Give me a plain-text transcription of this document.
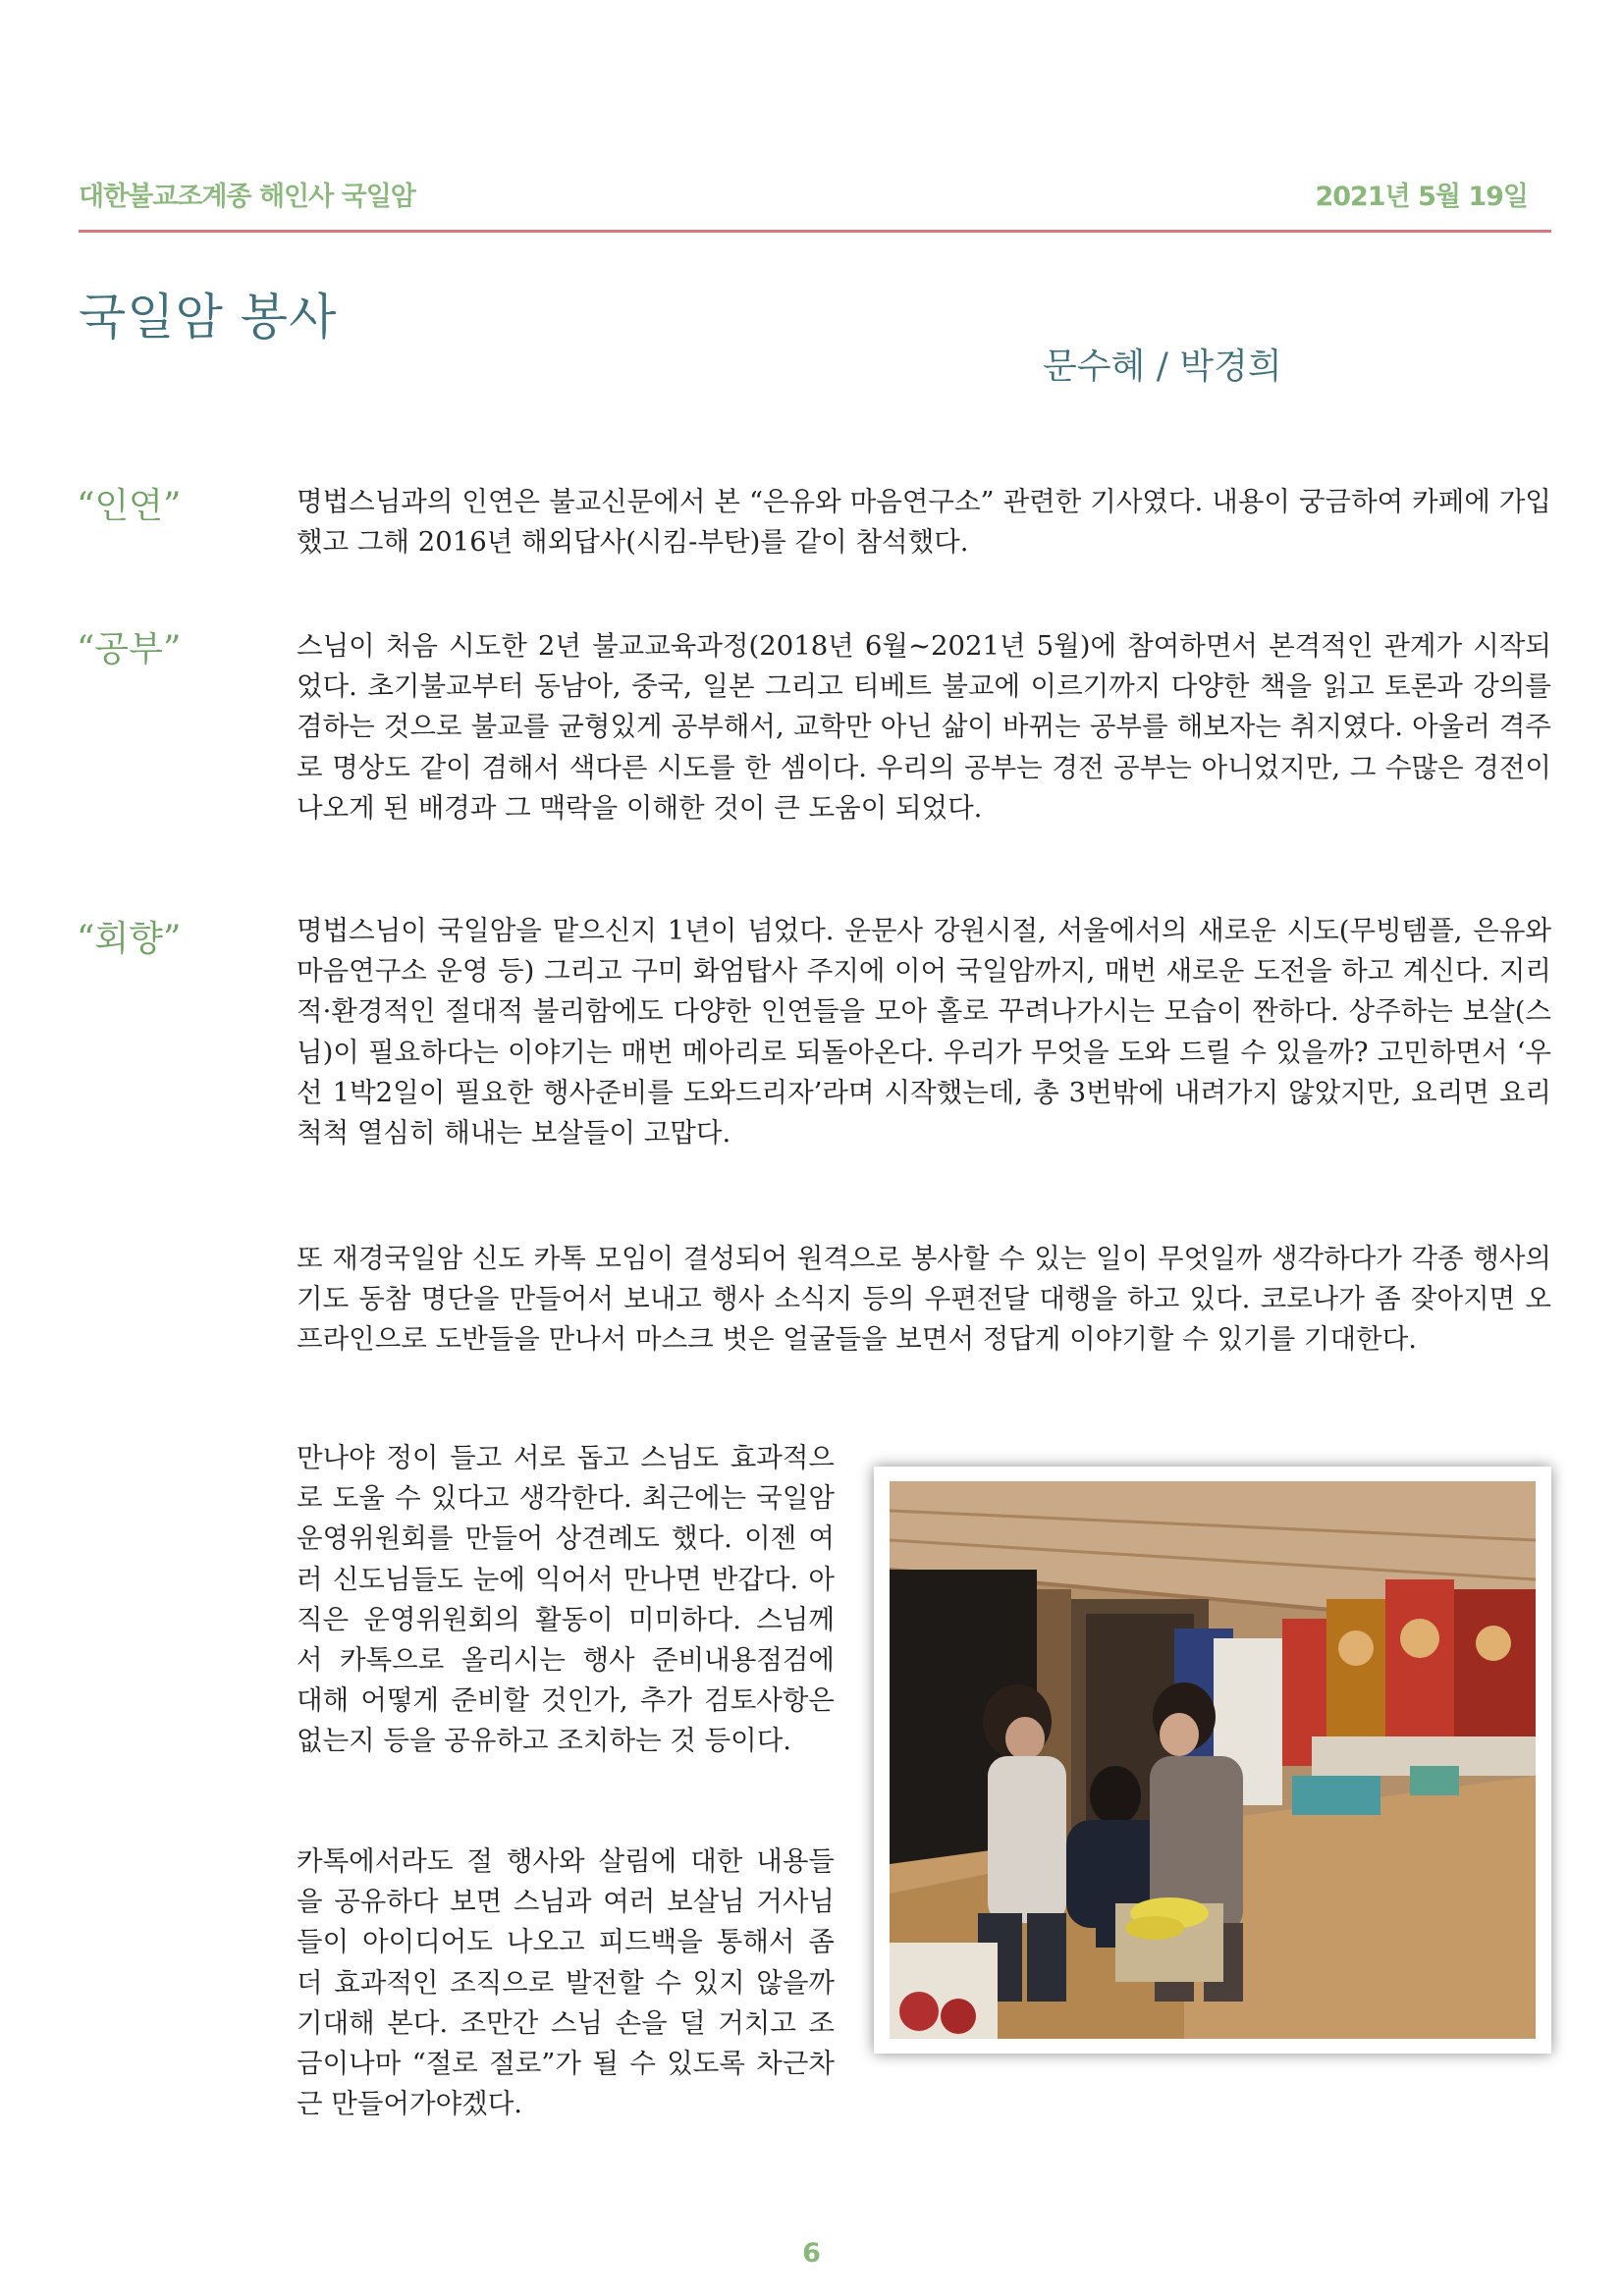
대한불교조계종 해인사 국일암	2021년 5월 19일
국일암 봉사
문수혜 / 박경희
“인연”	명법스님과의 인연은 불교신문에서 본 “은유와 마음연구소” 관련한 기사였다. 내용이 궁금하여 카페에 가입했고 그해 2016년 해외답사(시킴-부탄)를 같이 참석했다.

“공부”	스님이 처음 시도한 2년 불교교육과정(2018년 6월~2021년 5월)에 참여하면서 본격적인 관계가 시작되었다. 초기불교부터 동남아, 중국, 일본 그리고 티베트 불교에 이르기까지 다양한 책을 읽고 토론과 강의를 겸하는 것으로 불교를 균형있게 공부해서, 교학만 아닌 삶이 바뀌는 공부를 해보자는 취지였다. 아울러 격주로 명상도 같이 겸해서 색다른 시도를 한 셈이다. 우리의 공부는 경전 공부는 아니었지만, 그 수많은 경전이 나오게 된 배경과 그 맥락을 이해한 것이 큰 도움이 되었다.

“회향”	명법스님이 국일암을 맡으신지 1년이 넘었다. 운문사 강원시절, 서울에서의 새로운 시도(무빙템플, 은유와마음연구소 운영 등) 그리고 구미 화엄탑사 주지에 이어 국일암까지, 매번 새로운 도전을 하고 계신다. 지리적·환경적인 절대적 불리함에도 다양한 인연들을 모아 홀로 꾸려나가시는 모습이 짠하다. 상주하는 보살(스님)이 필요하다는 이야기는 매번 메아리로 되돌아온다. 우리가 무엇을 도와 드릴 수 있을까? 고민하면서 ‘우선 1박2일이 필요한 행사준비를 도와드리자’라며 시작했는데, 총 3번밖에 내려가지 않았지만, 요리면 요리 척척 열심히 해내는 보살들이 고맙다.

또 재경국일암 신도 카톡 모임이 결성되어 원격으로 봉사할 수 있는 일이 무엇일까 생각하다가 각종 행사의 기도 동참 명단을 만들어서 보내고 행사 소식지 등의 우편전달 대행을 하고 있다. 코로나가 좀 잦아지면 오프라인으로 도반들을 만나서 마스크 벗은 얼굴들을 보면서 정답게 이야기할 수 있기를 기대한다.

만나야 정이 들고 서로 돕고 스님도 효과적으로 도울 수 있다고 생각한다. 최근에는 국일암 운영위원회를 만들어 상견례도 했다. 이젠 여러 신도님들도 눈에 익어서 만나면 반갑다. 아직은 운영위원회의 활동이 미미하다. 스님께서 카톡으로 올리시는 행사 준비내용점검에 대해 어떻게 준비할 것인가, 추가 검토사항은 없는지 등을 공유하고 조치하는 것 등이다.

카톡에서라도 절 행사와 살림에 대한 내용들을 공유하다 보면 스님과 여러 보살님 거사님들이 아이디어도 나오고 피드백을 통해서 좀더 효과적인 조직으로 발전할 수 있지 않을까 기대해 본다. 조만간 스님 손을 덜 거치고 조금이나마 “절로 절로”가 될 수 있도록 차근차근 만들어가야겠다.

6
